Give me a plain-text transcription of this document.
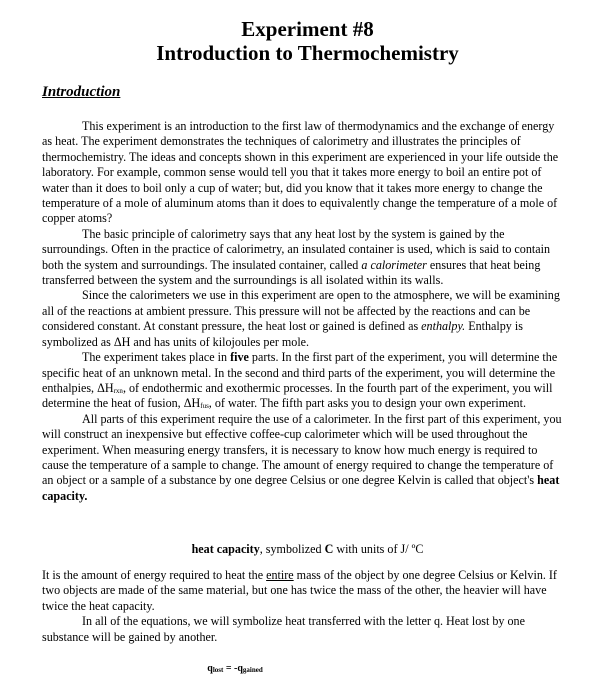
Experiment #8
Introduction to Thermochemistry
Introduction

This experiment is an introduction to the first law of thermodynamics and the exchange of energy as heat. The experiment demonstrates the techniques of calorimetry and illustrates the principles of thermochemistry. The ideas and concepts shown in this experiment are experienced in your life outside the laboratory. For example, common sense would tell you that it takes more energy to boil an entire pot of water than it does to boil only a cup of water; but, did you know that it takes more energy to change the temperature of a mole of aluminum atoms than it does to equivalently change the temperature of a mole of copper atoms?

The basic principle of calorimetry says that any heat lost by the system is gained by the surroundings. Often in the practice of calorimetry, an insulated container is used, which is said to contain both the system and surroundings. The insulated container, called a calorimeter ensures that heat being transferred between the system and the surroundings is all isolated within its walls.

Since the calorimeters we use in this experiment are open to the atmosphere, we will be examining all of the reactions at ambient pressure. This pressure will not be affected by the reactions and can be considered constant. At constant pressure, the heat lost or gained is defined as enthalpy. Enthalpy is symbolized as ΔH and has units of kilojoules per mole.

The experiment takes place in five parts. In the first part of the experiment, you will determine the specific heat of an unknown metal. In the second and third parts of the experiment, you will determine the enthalpies, $\Delta H_{rxn}$, of endothermic and exothermic processes. In the fourth part of the experiment, you will determine the heat of fusion, $\Delta H_{fus}$, of water. The fifth part asks you to design your own experiment.

All parts of this experiment require the use of a calorimeter. In the first part of this experiment, you will construct an inexpensive but effective coffee-cup calorimeter which will be used throughout the experiment. When measuring energy transfers, it is necessary to know how much energy is required to cause the temperature of a sample to change. The amount of energy required to change the temperature of an object or a sample of a substance by one degree Celsius or one degree Kelvin is called that object's heat capacity.

heat capacity, symbolized C with units of J/ ºC

It is the amount of energy required to heat the entire mass of the object by one degree Celsius or Kelvin. If two objects are made of the same material, but one has twice the mass of the other, the heavier will have twice the heat capacity.

In all of the equations, we will symbolize heat transferred with the letter q. Heat lost by one substance will be gained by another.

$q_{lost} = -q_{gained}$
